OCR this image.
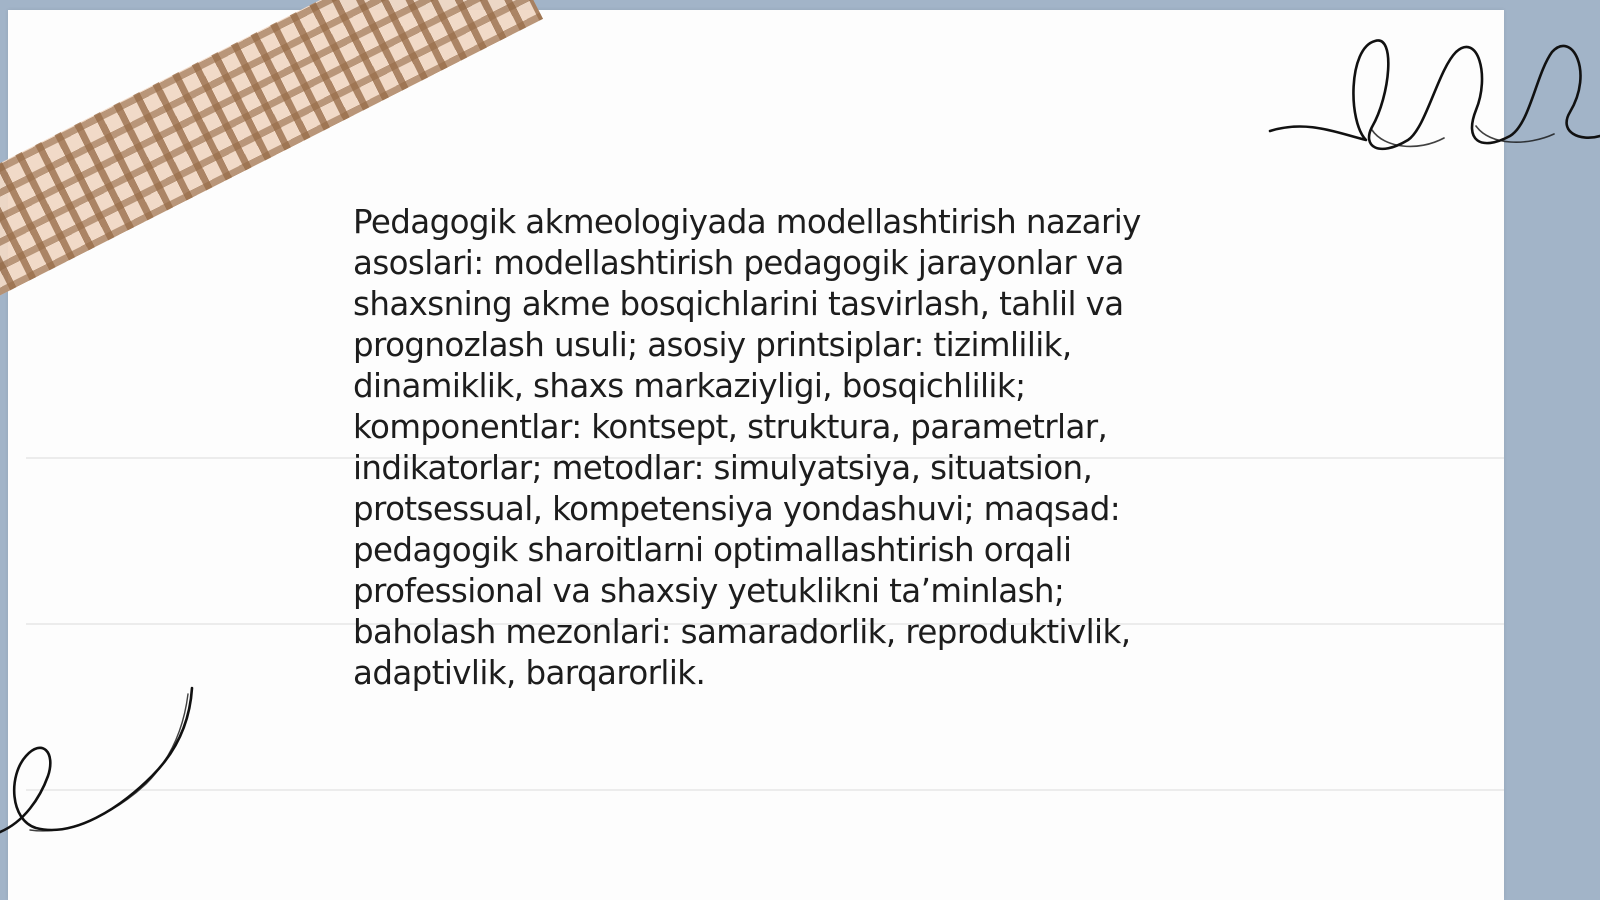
Pedagogik akmeologiyada modellashtirish nazariy asoslari: modellashtirish pedagogik jarayonlar va shaxsning akme bosqichlarini tasvirlash, tahlil va prognozlash usuli; asosiy printsiplar: tizimlilik, dinamiklik, shaxs markaziyligi, bosqichlilik; komponentlar: kontsept, struktura, parametrlar, indikatorlar; metodlar: simulyatsiya, situatsion, protsessual, kompetensiya yondashuvi; maqsad: pedagogik sharoitlarni optimallashtirish orqali professional va shaxsiy yetuklikni ta’minlash; baholash mezonlari: samaradorlik, reproduktivlik, adaptivlik, barqarorlik.
